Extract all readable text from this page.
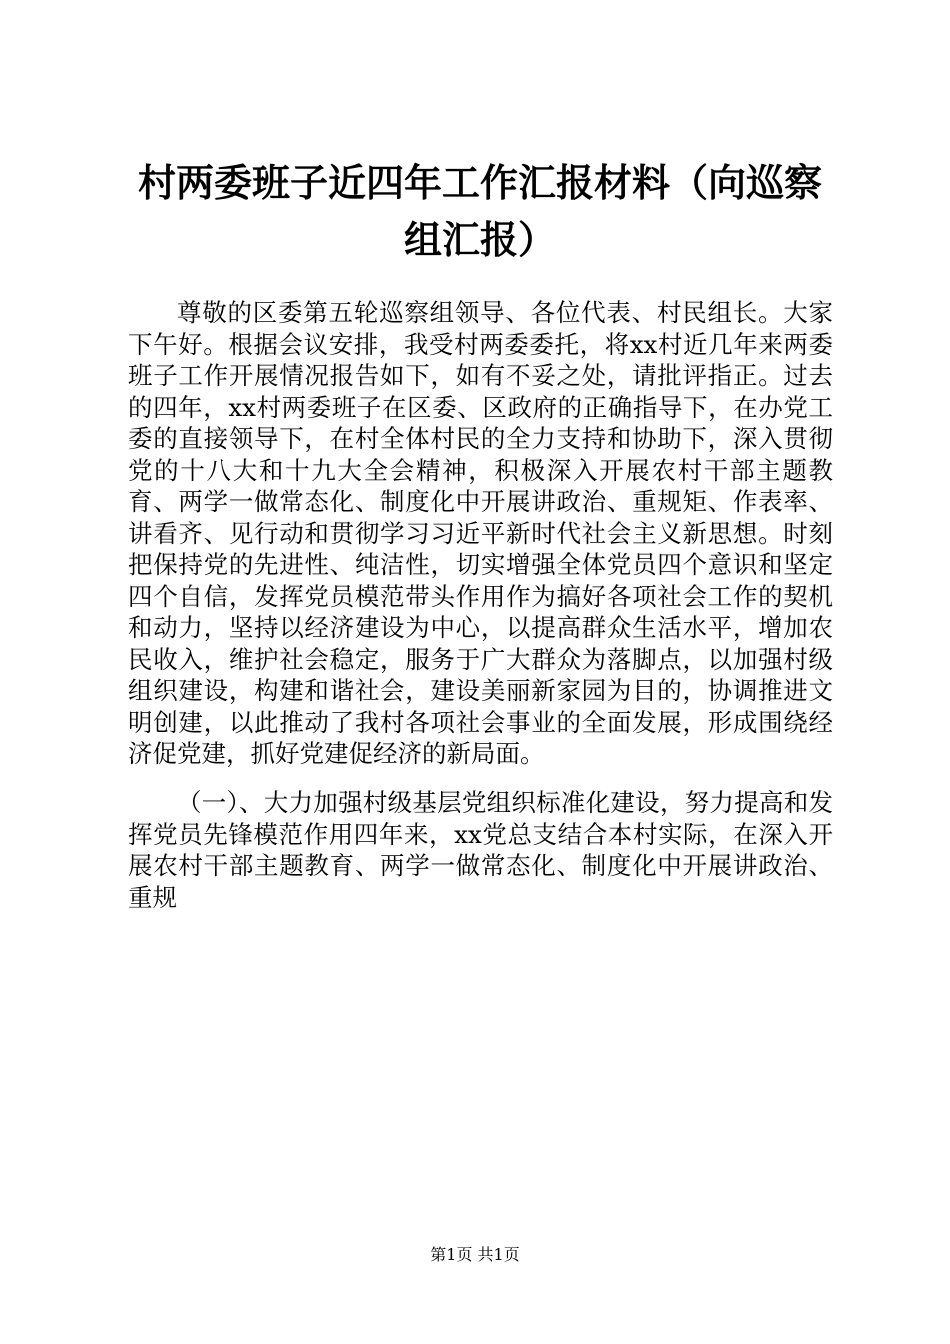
村两委班子近四年工作汇报材料（向巡察组汇报）

尊敬的区委第五轮巡察组领导、各位代表、村民组长。大家下午好。根据会议安排，我受村两委委托，将xx村近几年来两委班子工作开展情况报告如下，如有不妥之处，请批评指正。过去的四年，xx村两委班子在区委、区政府的正确指导下，在办党工委的直接领导下，在村全体村民的全力支持和协助下，深入贯彻党的十八大和十九大全会精神，积极深入开展农村干部主题教育、两学一做常态化、制度化中开展讲政治、重规矩、作表率、讲看齐、见行动和贯彻学习习近平新时代社会主义新思想。时刻把保持党的先进性、纯洁性，切实增强全体党员四个意识和坚定四个自信，发挥党员模范带头作用作为搞好各项社会工作的契机和动力，坚持以经济建设为中心，以提高群众生活水平，增加农民收入，维护社会稳定，服务于广大群众为落脚点，以加强村级组织建设，构建和谐社会，建设美丽新家园为目的，协调推进文明创建，以此推动了我村各项社会事业的全面发展，形成围绕经济促党建，抓好党建促经济的新局面。

（一）、大力加强村级基层党组织标准化建设，努力提高和发挥党员先锋模范作用四年来，xx党总支结合本村实际，在深入开展农村干部主题教育、两学一做常态化、制度化中开展讲政治、重规

第1页 共1页
